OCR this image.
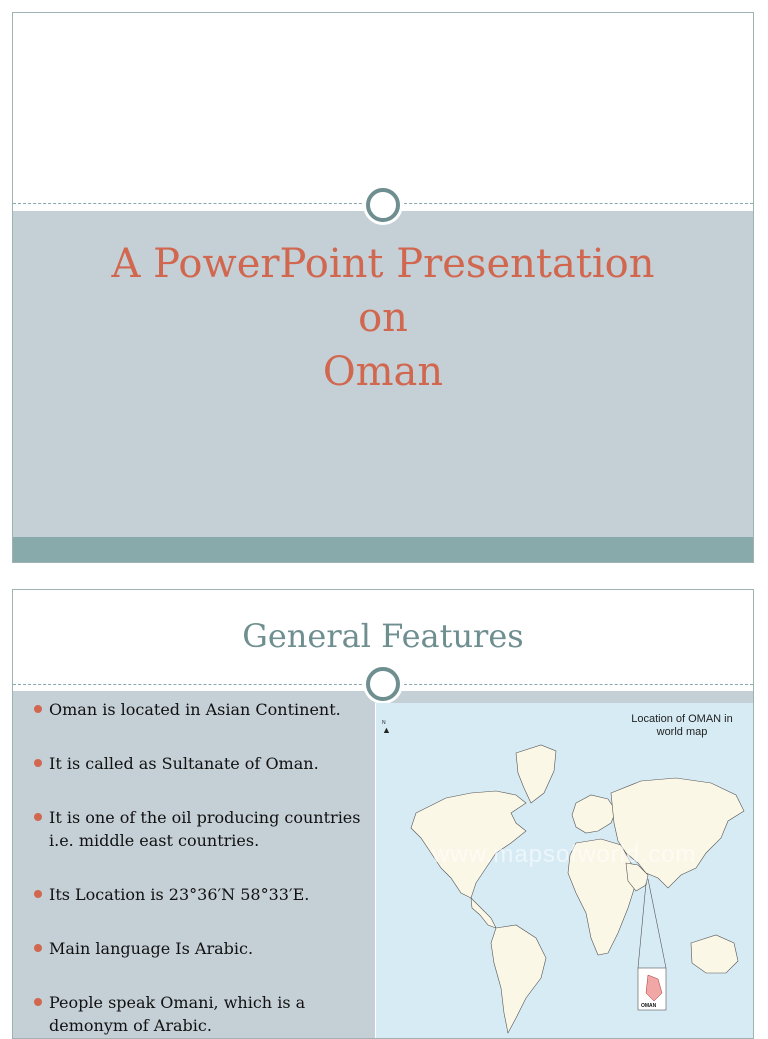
A PowerPoint Presentation
on
Oman
General Features
Oman is located in Asian Continent.
It is called as Sultanate of Oman.
It is one of the oil producing countries i.e. middle east countries.
Its Location is 23°36′N 58°33′E.
Main language Is Arabic.
People speak Omani, which is a demonym of Arabic.
OMAN
Location of OMAN in
world map
N
▲
www.mapsofworld.com
